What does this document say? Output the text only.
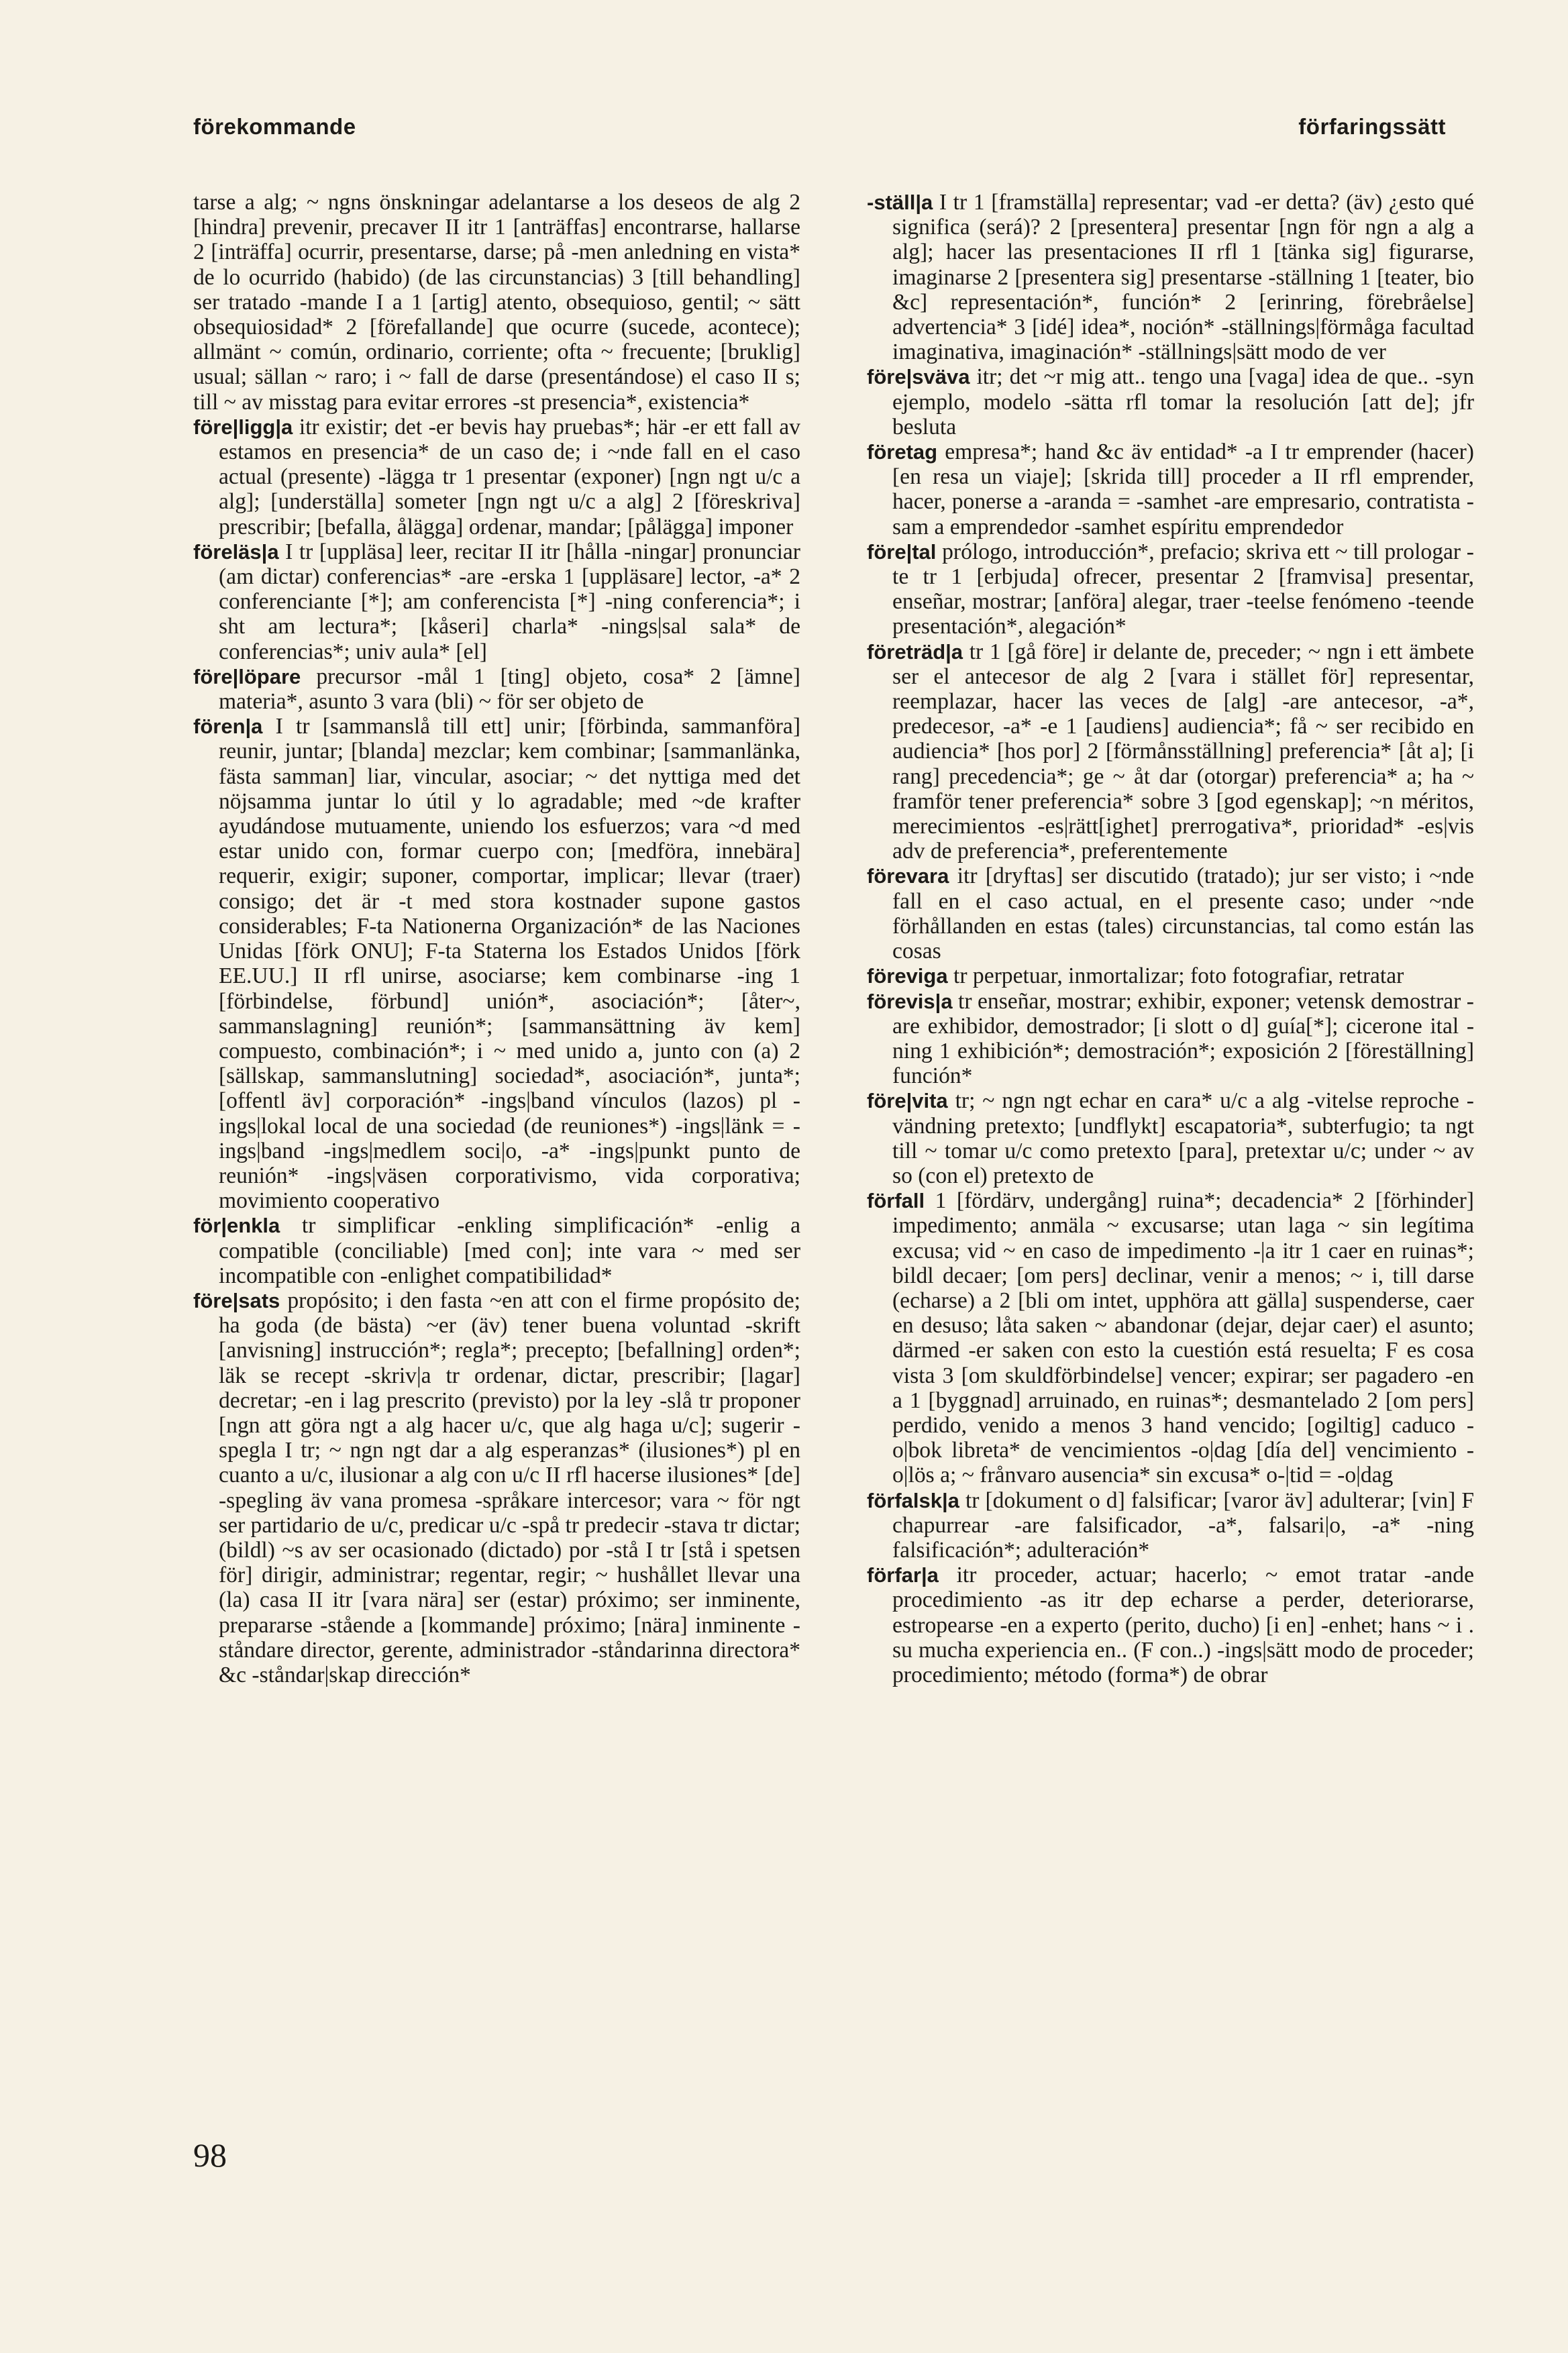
förekommande	förfaringssätt

tarse a alg; ~ ngns önskningar adelantarse a los deseos de alg 2 [hindra] prevenir, precaver II itr 1 [anträffas] encontrarse, hallarse 2 [inträffa] ocurrir, presentarse, darse; på -men anledning en vista* de lo ocurrido (habido) (de las circunstancias) 3 [till behandling] ser tratado -mande I a 1 [artig] atento, obsequioso, gentil; ~ sätt obsequiosidad* 2 [förefallande] que ocurre (sucede, acontece); allmänt ~ común, ordinario, corriente; ofta ~ frecuente; [bruklig] usual; sällan ~ raro; i ~ fall de darse (presentándose) el caso II s; till ~ av misstag para evitar errores -st presencia*, existencia*

före|ligg|a itr existir; det -er bevis hay pruebas*; här -er ett fall av estamos en presencia* de un caso de; i ~nde fall en el caso actual (presente) -lägga tr 1 presentar (exponer) [ngn ngt u/c a alg]; [underställa] someter [ngn ngt u/c a alg] 2 [föreskriva] prescribir; [befalla, ålägga] ordenar, mandar; [pålägga] imponer

föreläs|a I tr [uppläsa] leer, recitar II itr [hålla -ningar] pronunciar (am dictar) conferencias* -are -erska 1 [uppläsare] lector, -a* 2 conferenciante [*]; am conferencista [*] -ning conferencia*; i sht am lectura*; [kåseri] charla* -nings|sal sala* de conferencias*; univ aula* [el]

före|löpare precursor -mål 1 [ting] objeto, cosa* 2 [ämne] materia*, asunto 3 vara (bli) ~ för ser objeto de

fören|a I tr [sammanslå till ett] unir; [förbinda, sammanföra] reunir, juntar; [blanda] mezclar; kem combinar; [sammanlänka, fästa samman] liar, vincular, asociar; ~ det nyttiga med det nöjsamma juntar lo útil y lo agradable; med ~de krafter ayudándose mutuamente, uniendo los esfuerzos; vara ~d med estar unido con, formar cuerpo con; [medföra, innebära] requerir, exigir; suponer, comportar, implicar; llevar (traer) consigo; det är -t med stora kostnader supone gastos considerables; F-ta Nationerna Organización* de las Naciones Unidas [förk ONU]; F-ta Staterna los Estados Unidos [förk EE.UU.] II rfl unirse, asociarse; kem combinarse -ing 1 [förbindelse, förbund] unión*, asociación*; [åter~, sammanslagning] reunión*; [sammansättning äv kem] compuesto, combinación*; i ~ med unido a, junto con (a) 2 [sällskap, sammanslutning] sociedad*, asociación*, junta*; [offentl äv] corporación* -ings|band vínculos (lazos) pl -ings|lokal local de una sociedad (de reuniones*) -ings|länk = -ings|band -ings|medlem soci|o, -a* -ings|punkt punto de reunión* -ings|väsen corporativismo, vida corporativa; movimiento cooperativo

för|enkla tr simplificar -enkling simplificación* -enlig a compatible (conciliable) [med con]; inte vara ~ med ser incompatible con -enlighet compatibilidad*

före|sats propósito; i den fasta ~en att con el firme propósito de; ha goda (de bästa) ~er (äv) tener buena voluntad -skrift [anvisning] instrucción*; regla*; precepto; [befallning] orden*; läk se recept -skriv|a tr ordenar, dictar, prescribir; [lagar] decretar; -en i lag prescrito (previsto) por la ley -slå tr proponer [ngn att göra ngt a alg hacer u/c, que alg haga u/c]; sugerir -spegla I tr; ~ ngn ngt dar a alg esperanzas* (ilusiones*) pl en cuanto a u/c, ilusionar a alg con u/c II rfl hacerse ilusiones* [de] -spegling äv vana promesa -språkare intercesor; vara ~ för ngt ser partidario de u/c, predicar u/c -spå tr predecir -stava tr dictar; (bildl) ~s av ser ocasionado (dictado) por -stå I tr [stå i spetsen för] dirigir, administrar; regentar, regir; ~ hushållet llevar una (la) casa II itr [vara nära] ser (estar) próximo; ser inminente, prepararse -stående a [kommande] próximo; [nära] inminente -ståndare director, gerente, administrador -ståndarinna directora* &c -ståndar|skap dirección*

-ställ|a I tr 1 [framställa] representar; vad -er detta? (äv) ¿esto qué significa (será)? 2 [presentera] presentar [ngn för ngn a alg a alg]; hacer las presentaciones II rfl 1 [tänka sig] figurarse, imaginarse 2 [presentera sig] presentarse -ställning 1 [teater, bio &c] representación*, función* 2 [erinring, förebråelse] advertencia* 3 [idé] idea*, noción* -ställnings|förmåga facultad imaginativa, imaginación* -ställnings|sätt modo de ver

före|sväva itr; det ~r mig att.. tengo una [vaga] idea de que.. -syn ejemplo, modelo -sätta rfl tomar la resolución [att de]; jfr besluta

företag empresa*; hand &c äv entidad* -a I tr emprender (hacer) [en resa un viaje]; [skrida till] proceder a II rfl emprender, hacer, ponerse a -aranda = -samhet -are empresario, contratista -sam a emprendedor -samhet espíritu emprendedor

före|tal prólogo, introducción*, prefacio; skriva ett ~ till prologar -te tr 1 [erbjuda] ofrecer, presentar 2 [framvisa] presentar, enseñar, mostrar; [anföra] alegar, traer -teelse fenómeno -teende presentación*, alegación*

företräd|a tr 1 [gå före] ir delante de, preceder; ~ ngn i ett ämbete ser el antecesor de alg 2 [vara i stället för] representar, reemplazar, hacer las veces de [alg] -are antecesor, -a*, predecesor, -a* -e 1 [audiens] audiencia*; få ~ ser recibido en audiencia* [hos por] 2 [förmånsställning] preferencia* [åt a]; [i rang] precedencia*; ge ~ åt dar (otorgar) preferencia* a; ha ~ framför tener preferencia* sobre 3 [god egenskap]; ~n méritos, merecimientos -es|rätt[ighet] prerrogativa*, prioridad* -es|vis adv de preferencia*, preferentemente

förevara itr [dryftas] ser discutido (tratado); jur ser visto; i ~nde fall en el caso actual, en el presente caso; under ~nde förhållanden en estas (tales) circunstancias, tal como están las cosas

föreviga tr perpetuar, inmortalizar; foto fotografiar, retratar

förevis|a tr enseñar, mostrar; exhibir, exponer; vetensk demostrar -are exhibidor, demostrador; [i slott o d] guía[*]; cicerone ital -ning 1 exhibición*; demostración*; exposición 2 [föreställning] función*

före|vita tr; ~ ngn ngt echar en cara* u/c a alg -vitelse reproche -vändning pretexto; [undflykt] escapatoria*, subterfugio; ta ngt till ~ tomar u/c como pretexto [para], pretextar u/c; under ~ av so (con el) pretexto de

förfall 1 [fördärv, undergång] ruina*; decadencia* 2 [förhinder] impedimento; anmäla ~ excusarse; utan laga ~ sin legítima excusa; vid ~ en caso de impedimento -|a itr 1 caer en ruinas*; bildl decaer; [om pers] declinar, venir a menos; ~ i, till darse (echarse) a 2 [bli om intet, upphöra att gälla] suspenderse, caer en desuso; låta saken ~ abandonar (dejar, dejar caer) el asunto; därmed -er saken con esto la cuestión está resuelta; F es cosa vista 3 [om skuldförbindelse] vencer; expirar; ser pagadero -en a 1 [byggnad] arruinado, en ruinas*; desmantelado 2 [om pers] perdido, venido a menos 3 hand vencido; [ogiltig] caduco -o|bok libreta* de vencimientos -o|dag [día del] vencimiento -o|lös a; ~ frånvaro ausencia* sin excusa* o-|tid = -o|dag

förfalsk|a tr [dokument o d] falsificar; [varor äv] adulterar; [vin] F chapurrear -are falsificador, -a*, falsari|o, -a* -ning falsificación*; adulteración*

förfar|a itr proceder, actuar; hacerlo; ~ emot tratar -ande procedimiento -as itr dep echarse a perder, deteriorarse, estropearse -en a experto (perito, ducho) [i en] -enhet; hans ~ i . su mucha experiencia en.. (F con..) -ings|sätt modo de proceder; procedimiento; método (forma*) de obrar

98
